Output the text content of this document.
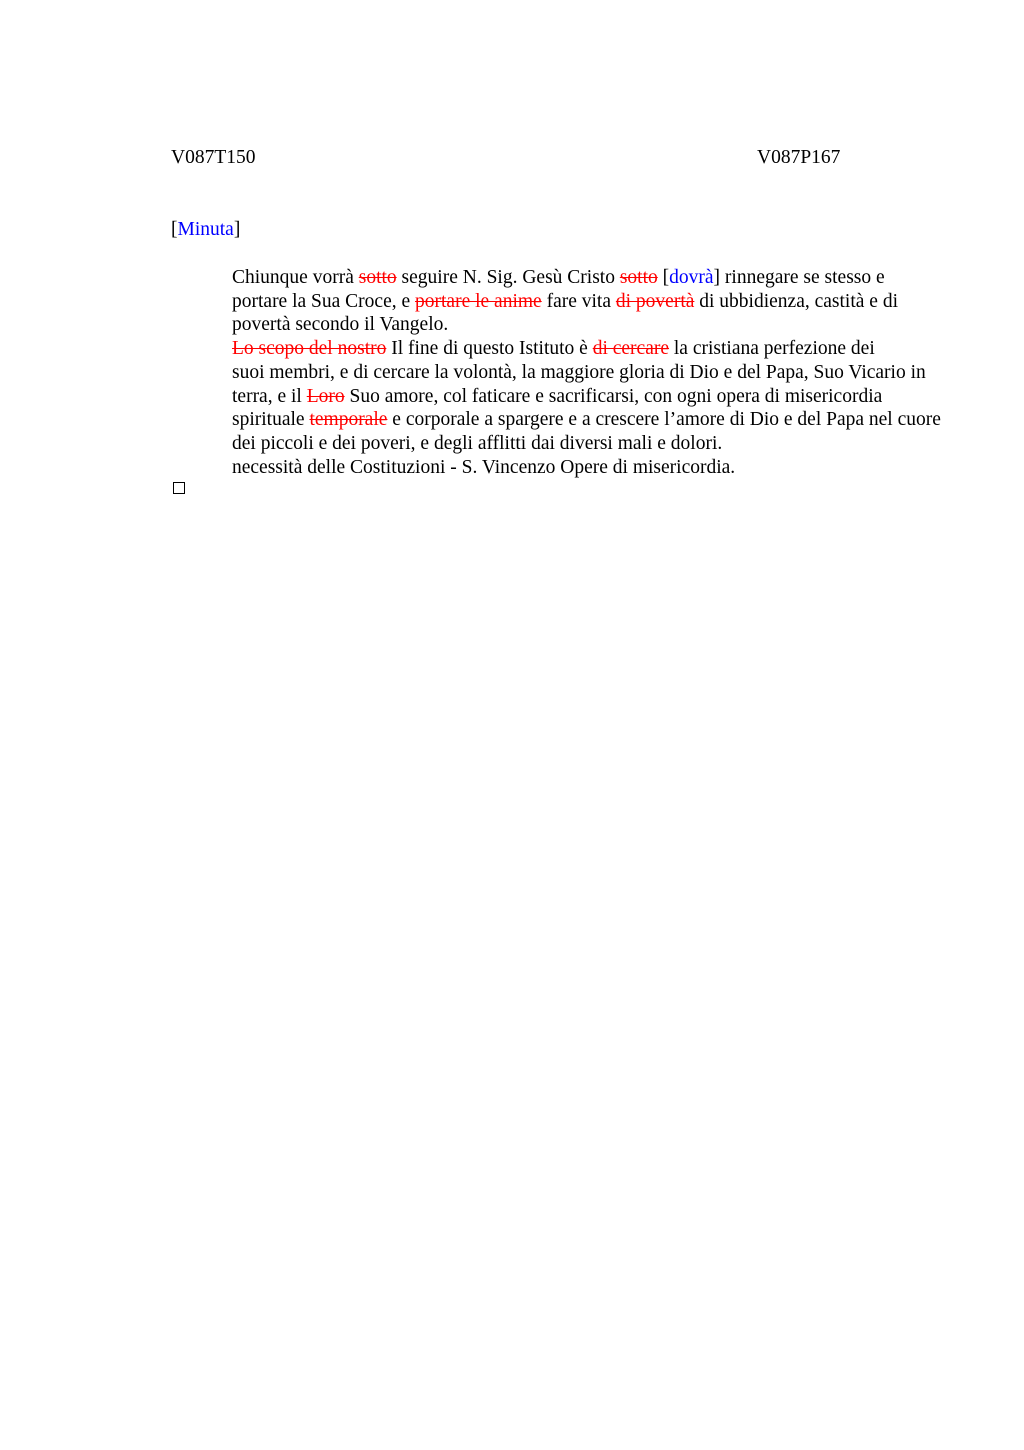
V087T150	V087P167
[Minuta]

Chiunque vorrà sotto seguire N. Sig. Gesù Cristo sotto [dovrà] rinnegare se stesso e
portare la Sua Croce, e portare le anime fare vita di povertà di ubbidienza, castità e di
povertà secondo il Vangelo.

Lo scopo del nostro Il fine di questo Istituto è di cercare la cristiana perfezione dei
suoi membri, e di cercare la volontà, la maggiore gloria di Dio e del Papa, Suo Vicario in
terra, e il Loro Suo amore, col faticare e sacrificarsi, con ogni opera di misericordia
spirituale temporale e corporale a spargere e a crescere l’amore di Dio e del Papa nel cuore
dei piccoli e dei poveri, e degli afflitti dai diversi mali e dolori.

necessità delle Costituzioni - S. Vincenzo Opere di misericordia.
